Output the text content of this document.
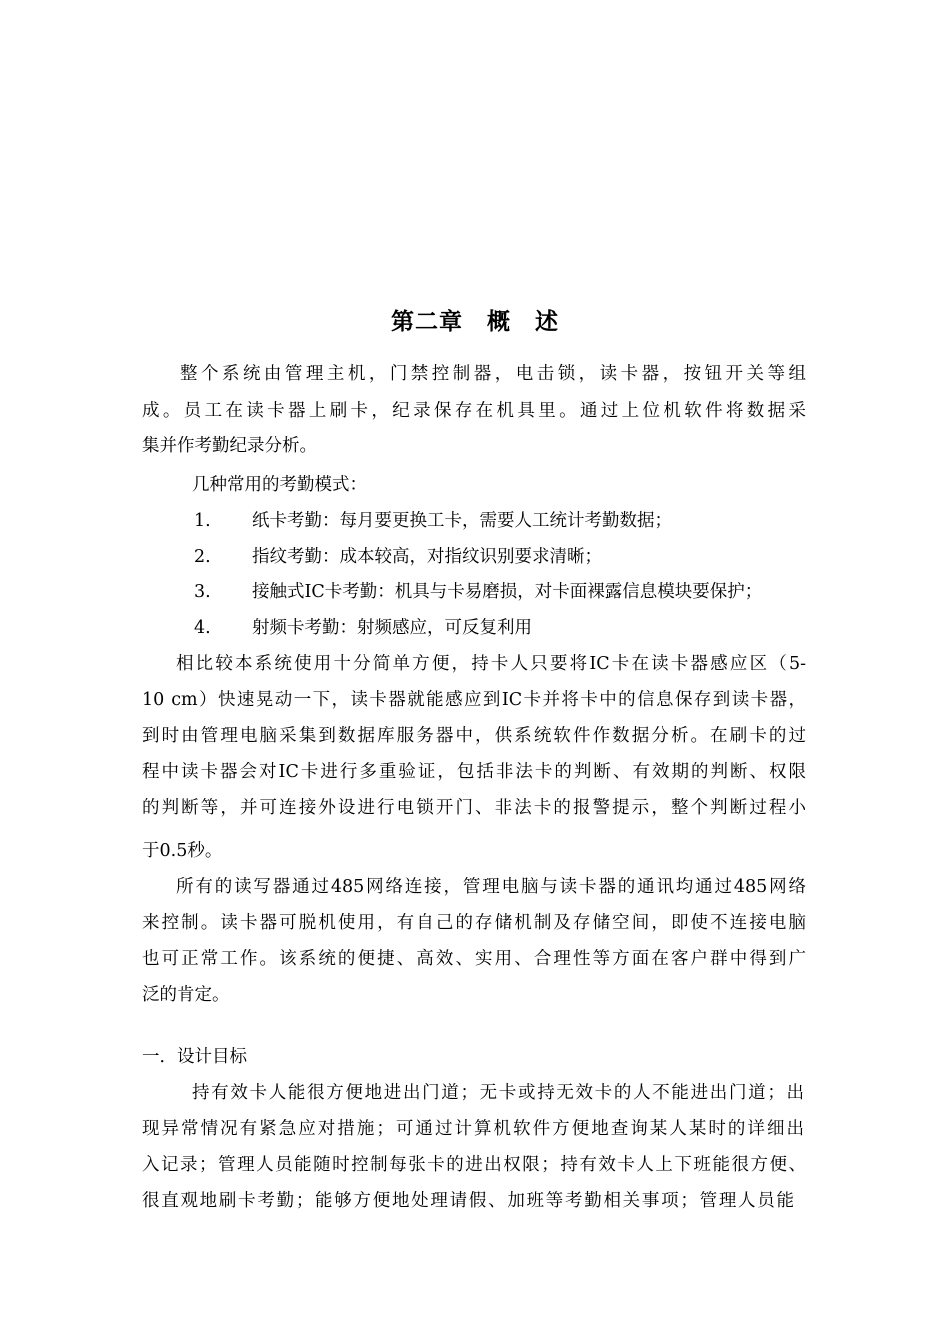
第二章　概　述
整个系统由管理主机，门禁控制器，电击锁，读卡器，按钮开关等组
成。员工在读卡器上刷卡，纪录保存在机具里。通过上位机软件将数据采
集并作考勤纪录分析。
几种常用的考勤模式：
1. 纸卡考勤：每月要更换工卡，需要人工统计考勤数据；
2. 指纹考勤：成本较高，对指纹识别要求清晰；
3. 接触式IC卡考勤：机具与卡易磨损，对卡面裸露信息模块要保护；
4. 射频卡考勤：射频感应，可反复利用
相比较本系统使用十分简单方便，持卡人只要将IC卡在读卡器感应区（5-
10 cm）快速晃动一下，读卡器就能感应到IC卡并将卡中的信息保存到读卡器，
到时由管理电脑采集到数据库服务器中，供系统软件作数据分析。在刷卡的过
程中读卡器会对IC卡进行多重验证，包括非法卡的判断、有效期的判断、权限
的判断等，并可连接外设进行电锁开门、非法卡的报警提示，整个判断过程小
于0.5秒。
所有的读写器通过485网络连接，管理电脑与读卡器的通讯均通过485网络
来控制。读卡器可脱机使用，有自己的存储机制及存储空间，即使不连接电脑
也可正常工作。该系统的便捷、高效、实用、合理性等方面在客户群中得到广
泛的肯定。
一．设计目标
持有效卡人能很方便地进出门道；无卡或持无效卡的人不能进出门道；出
现异常情况有紧急应对措施；可通过计算机软件方便地查询某人某时的详细出
入记录；管理人员能随时控制每张卡的进出权限；持有效卡人上下班能很方便、
很直观地刷卡考勤；能够方便地处理请假、加班等考勤相关事项；管理人员能
